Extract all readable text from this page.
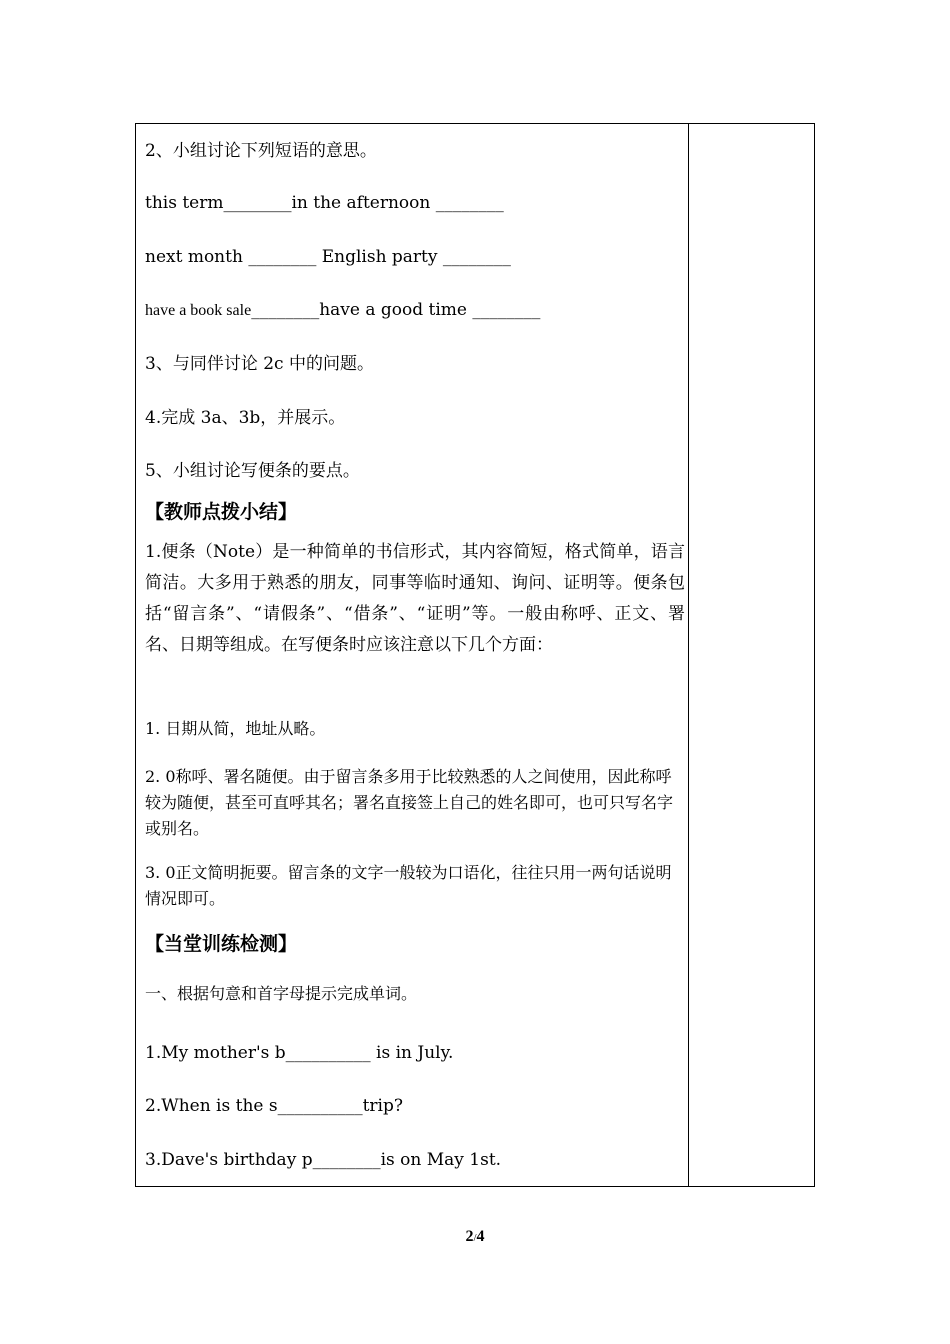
2、小组讨论下列短语的意思。
this term________in the afternoon ________
next month ________ English party ________
have a book sale________have a good time ________
3、与同伴讨论 2c 中的问题。
4.完成 3a、3b，并展示。
5、小组讨论写便条的要点。
【教师点拨小结】
1.便条（Note）是一种简单的书信形式，其内容简短，格式简单，语言简洁。大多用于熟悉的朋友，同事等临时通知、询问、证明等。便条包括“留言条”、“请假条”、“借条”、“证明”等。一般由称呼、正文、署名、日期等组成。在写便条时应该注意以下几个方面：
1. 日期从简，地址从略。
2. 0称呼、署名随便。由于留言条多用于比较熟悉的人之间使用，因此称呼较为随便，甚至可直呼其名；署名直接签上自己的姓名即可，也可只写名字或别名。
3. 0正文简明扼要。留言条的文字一般较为口语化，往往只用一两句话说明情况即可。
【当堂训练检测】
一、根据句意和首字母提示完成单词。
1.My mother's b__________ is in July.
2.When is the s__________trip?
3.Dave's birthday p________is on May 1st.
2/4
